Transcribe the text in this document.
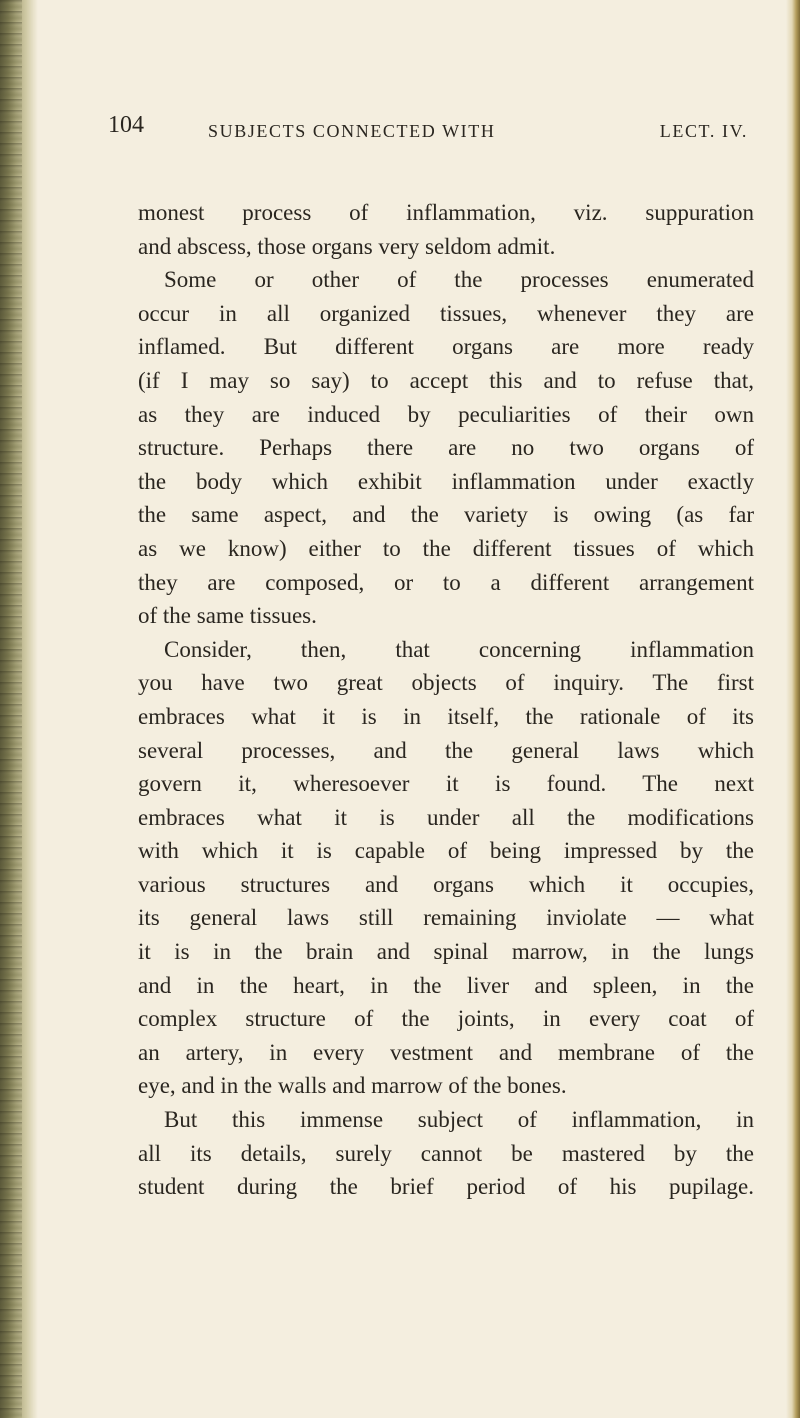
104	SUBJECTS CONNECTED WITH	LECT. IV.
monest process of inflammation, viz. suppuration
and abscess, those organs very seldom admit.
Some or other of the processes enumerated
occur in all organized tissues, whenever they are
inflamed. But different organs are more ready
(if I may so say) to accept this and to refuse that,
as they are induced by peculiarities of their own
structure. Perhaps there are no two organs of
the body which exhibit inflammation under exactly
the same aspect, and the variety is owing (as far
as we know) either to the different tissues of which
they are composed, or to a different arrangement
of the same tissues.
Consider, then, that concerning inflammation
you have two great objects of inquiry. The first
embraces what it is in itself, the rationale of its
several processes, and the general laws which
govern it, wheresoever it is found. The next
embraces what it is under all the modifications
with which it is capable of being impressed by the
various structures and organs which it occupies,
its general laws still remaining inviolate — what
it is in the brain and spinal marrow, in the lungs
and in the heart, in the liver and spleen, in the
complex structure of the joints, in every coat of
an artery, in every vestment and membrane of the
eye, and in the walls and marrow of the bones.
But this immense subject of inflammation, in
all its details, surely cannot be mastered by the
student during the brief period of his pupilage.
